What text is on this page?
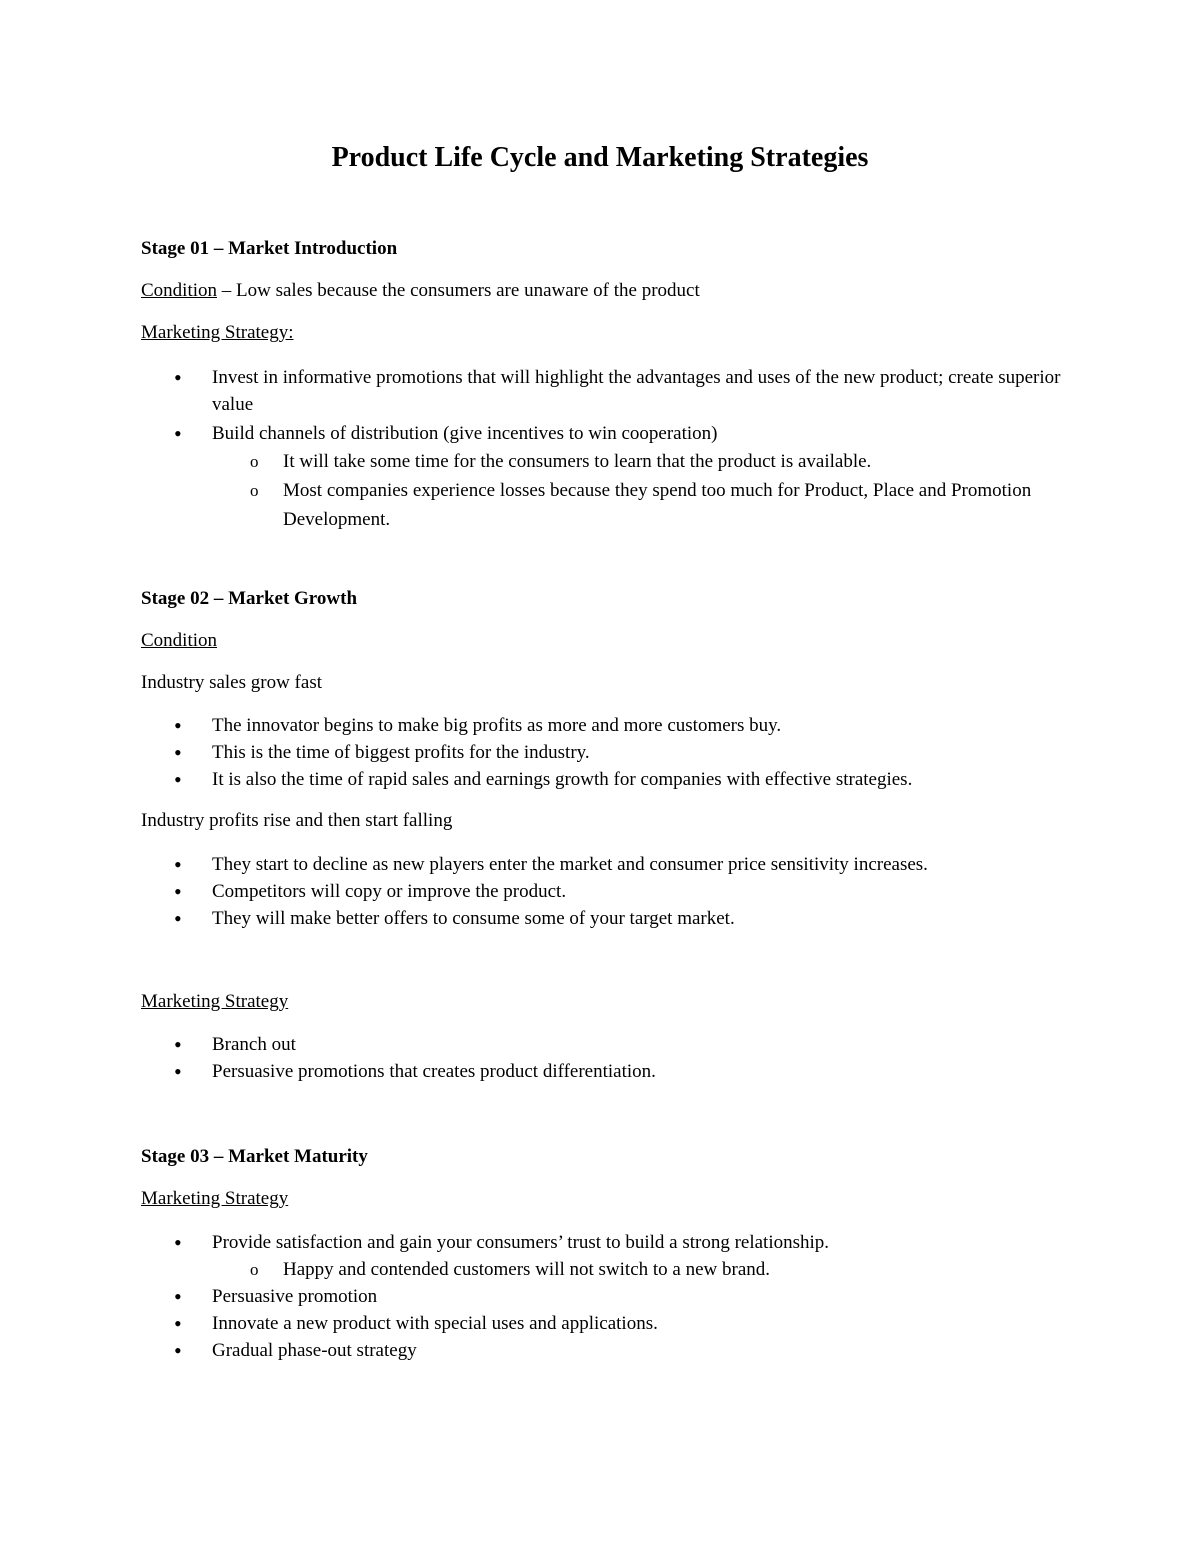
Product Life Cycle and Marketing Strategies

Stage 01 – Market Introduction

Condition – Low sales because the consumers are unaware of the product

Marketing Strategy:

• Invest in informative promotions that will highlight the advantages and uses of the new product; create superior value
• Build channels of distribution (give incentives to win cooperation)
o It will take some time for the consumers to learn that the product is available.
o Most companies experience losses because they spend too much for Product, Place and Promotion Development.

Stage 02 – Market Growth

Condition

Industry sales grow fast

• The innovator begins to make big profits as more and more customers buy.
• This is the time of biggest profits for the industry.
• It is also the time of rapid sales and earnings growth for companies with effective strategies.

Industry profits rise and then start falling

• They start to decline as new players enter the market and consumer price sensitivity increases.
• Competitors will copy or improve the product.
• They will make better offers to consume some of your target market.

Marketing Strategy

• Branch out
• Persuasive promotions that creates product differentiation.

Stage 03 – Market Maturity

Marketing Strategy

• Provide satisfaction and gain your consumers’ trust to build a strong relationship.
o Happy and contended customers will not switch to a new brand.
• Persuasive promotion
• Innovate a new product with special uses and applications.
• Gradual phase-out strategy
